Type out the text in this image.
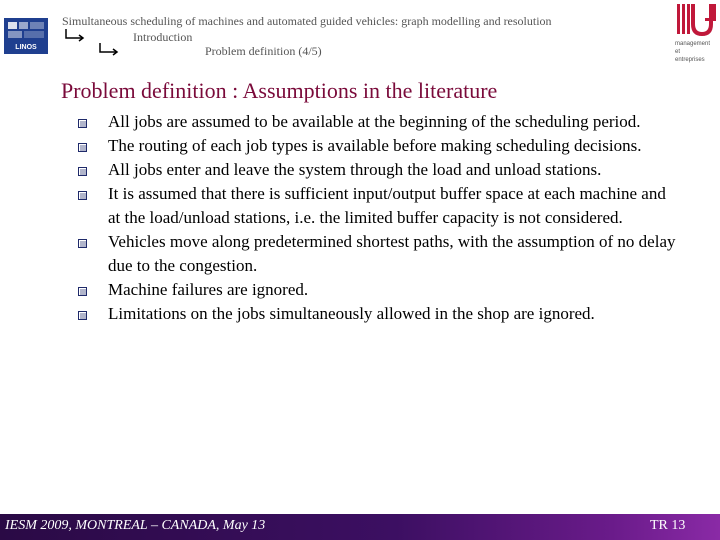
LINOS
Simultaneous scheduling of machines and automated guided vehicles: graph modelling and resolution
Introduction
Problem definition (4/5)	management
et
entreprises
Problem definition : Assumptions in the literature
All jobs are assumed to be available at the beginning of the scheduling period.
The routing of each job types is available before making scheduling decisions.
All jobs enter and leave the system through the load and unload stations.
It is assumed that there is sufficient input/output buffer space at each machine and at the load/unload stations, i.e. the limited buffer capacity is not considered.
Vehicles move along predetermined shortest paths, with the assumption of no delay due to the congestion.
Machine failures are ignored.
Limitations on the jobs simultaneously allowed in the shop are ignored.
IESM 2009, MONTREAL – CANADA, May 13	TR 13
